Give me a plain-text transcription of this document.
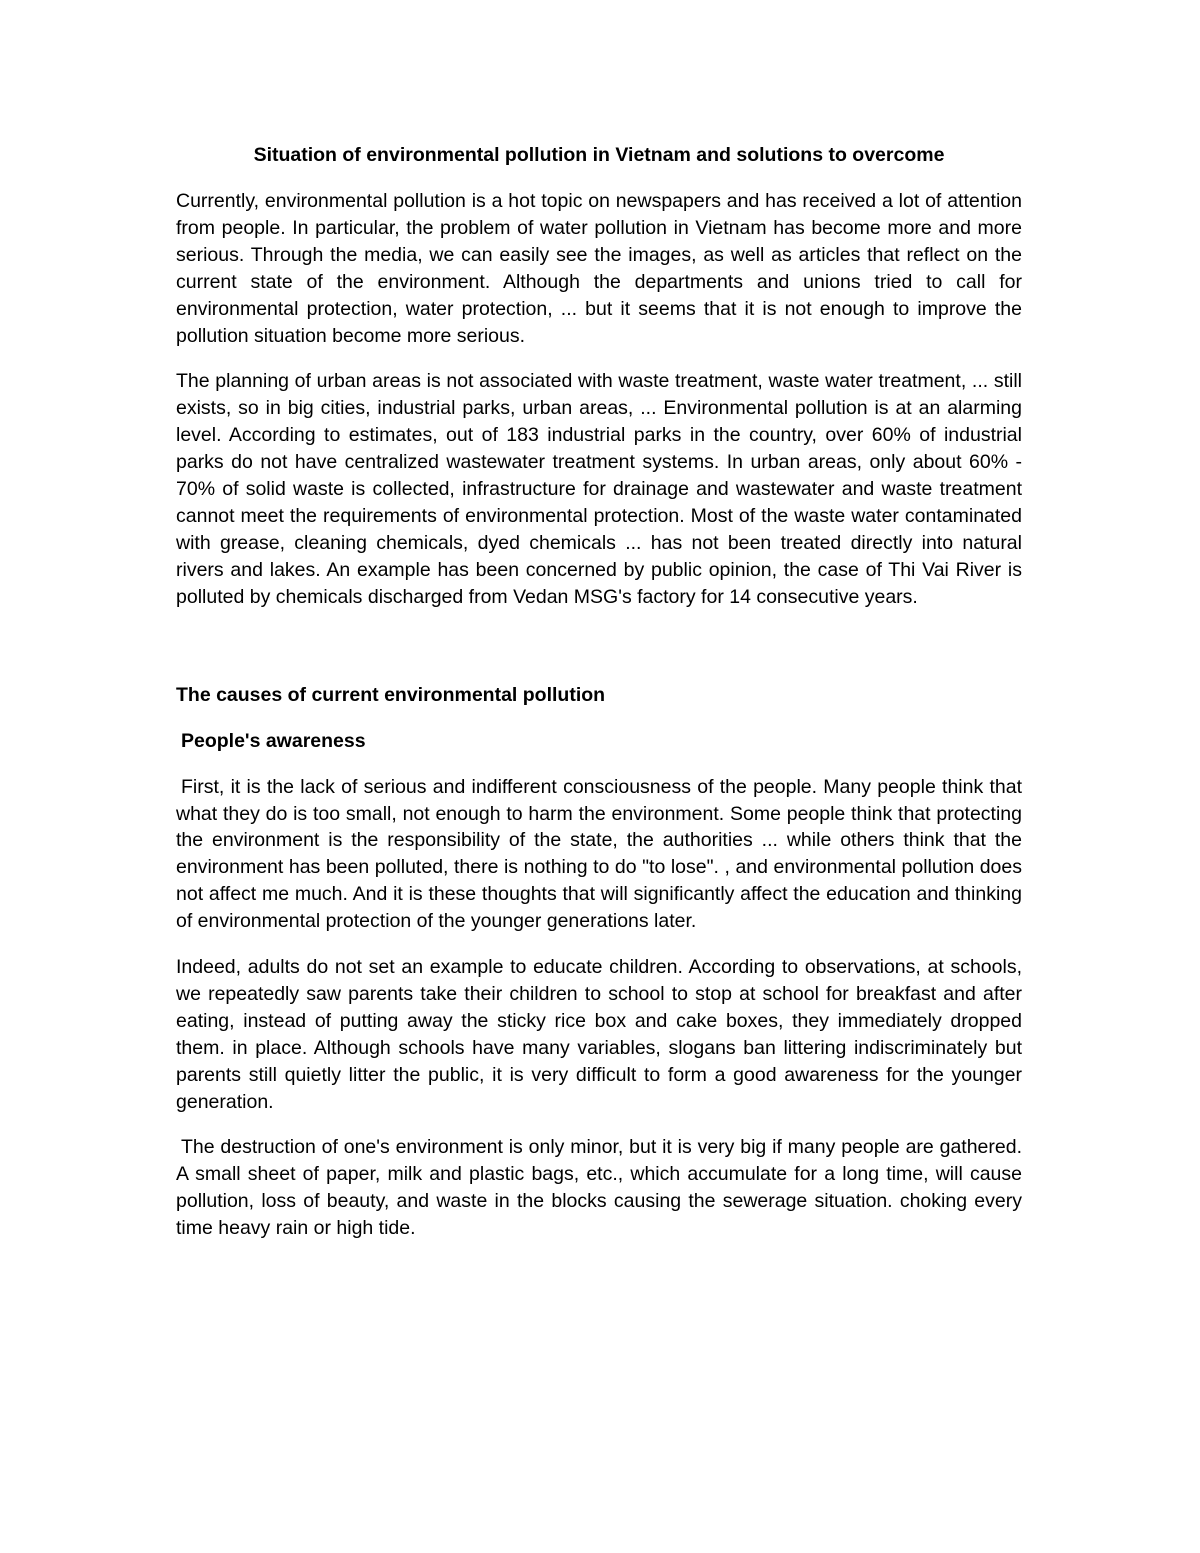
Situation of environmental pollution in Vietnam and solutions to overcome

Currently, environmental pollution is a hot topic on newspapers and has received a lot of attention from people. In particular, the problem of water pollution in Vietnam has become more and more serious. Through the media, we can easily see the images, as well as articles that reflect on the current state of the environment. Although the departments and unions tried to call for environmental protection, water protection, ... but it seems that it is not enough to improve the pollution situation become more serious.

The planning of urban areas is not associated with waste treatment, waste water treatment, ... still exists, so in big cities, industrial parks, urban areas, ... Environmental pollution is at an alarming level. According to estimates, out of 183 industrial parks in the country, over 60% of industrial parks do not have centralized wastewater treatment systems. In urban areas, only about 60% - 70% of solid waste is collected, infrastructure for drainage and wastewater and waste treatment cannot meet the requirements of environmental protection. Most of the waste water contaminated with grease, cleaning chemicals, dyed chemicals ... has not been treated directly into natural rivers and lakes. An example has been concerned by public opinion, the case of Thi Vai River is polluted by chemicals discharged from Vedan MSG's factory for 14 consecutive years.

The causes of current environmental pollution
People's awareness

First, it is the lack of serious and indifferent consciousness of the people. Many people think that what they do is too small, not enough to harm the environment. Some people think that protecting the environment is the responsibility of the state, the authorities ... while others think that the environment has been polluted, there is nothing to do "to lose". , and environmental pollution does not affect me much. And it is these thoughts that will significantly affect the education and thinking of environmental protection of the younger generations later.

Indeed, adults do not set an example to educate children. According to observations, at schools, we repeatedly saw parents take their children to school to stop at school for breakfast and after eating, instead of putting away the sticky rice box and cake boxes, they immediately dropped them. in place. Although schools have many variables, slogans ban littering indiscriminately but parents still quietly litter the public, it is very difficult to form a good awareness for the younger generation.

The destruction of one's environment is only minor, but it is very big if many people are gathered. A small sheet of paper, milk and plastic bags, etc., which accumulate for a long time, will cause pollution, loss of beauty, and waste in the blocks causing the sewerage situation. choking every time heavy rain or high tide.
